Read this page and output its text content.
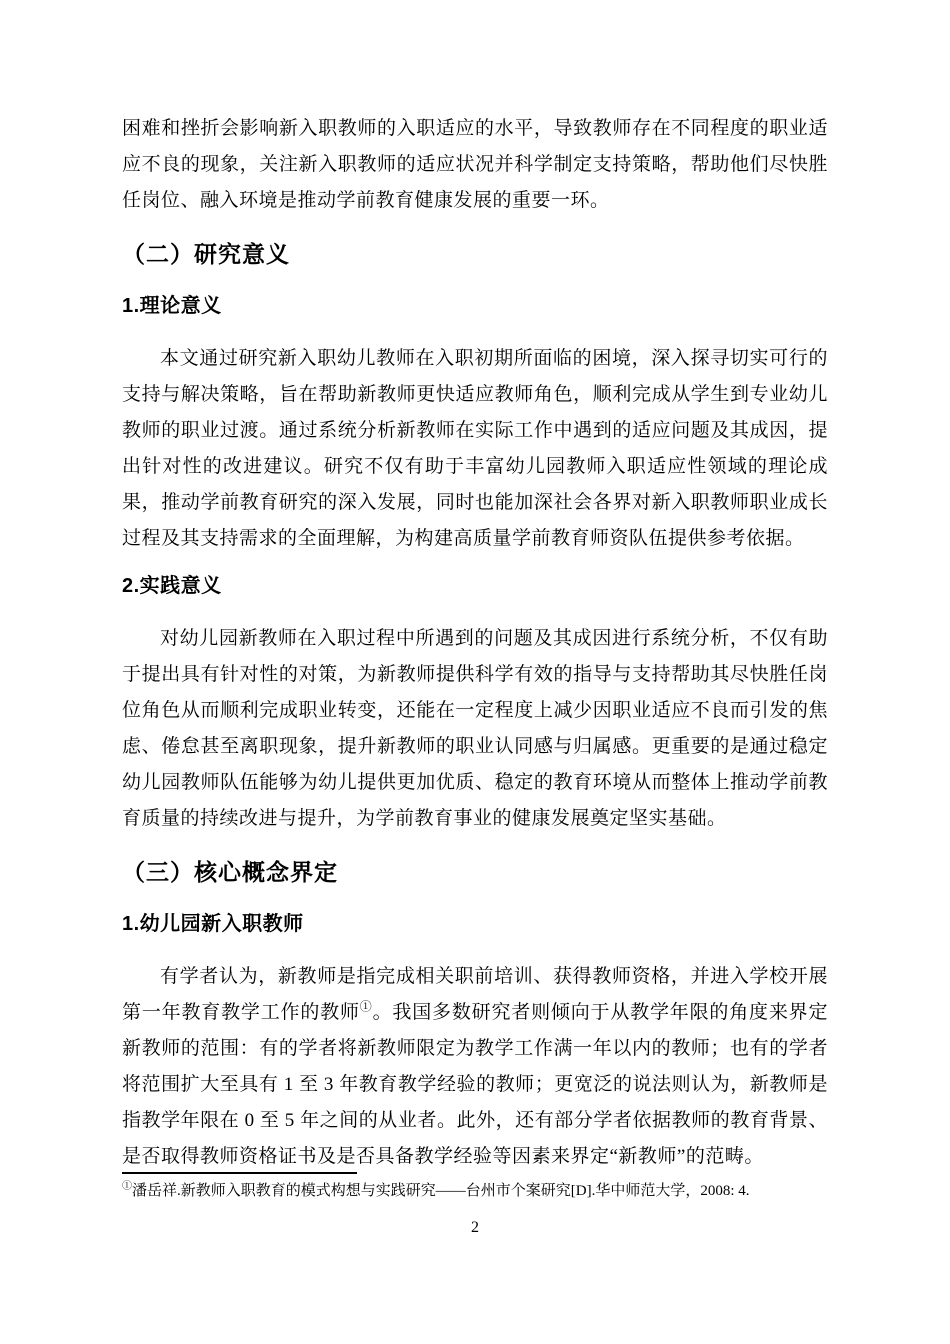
困难和挫折会影响新入职教师的入职适应的水平，导致教师存在不同程度的职业适应不良的现象，关注新入职教师的适应状况并科学制定支持策略，帮助他们尽快胜任岗位、融入环境是推动学前教育健康发展的重要一环。

（二）研究意义
1.理论意义

本文通过研究新入职幼儿教师在入职初期所面临的困境，深入探寻切实可行的支持与解决策略，旨在帮助新教师更快适应教师角色，顺利完成从学生到专业幼儿教师的职业过渡。通过系统分析新教师在实际工作中遇到的适应问题及其成因，提出针对性的改进建议。研究不仅有助于丰富幼儿园教师入职适应性领域的理论成果，推动学前教育研究的深入发展，同时也能加深社会各界对新入职教师职业成长过程及其支持需求的全面理解，为构建高质量学前教育师资队伍提供参考依据。

2.实践意义

对幼儿园新教师在入职过程中所遇到的问题及其成因进行系统分析，不仅有助于提出具有针对性的对策，为新教师提供科学有效的指导与支持帮助其尽快胜任岗位角色从而顺利完成职业转变，还能在一定程度上减少因职业适应不良而引发的焦虑、倦怠甚至离职现象，提升新教师的职业认同感与归属感。更重要的是通过稳定幼儿园教师队伍能够为幼儿提供更加优质、稳定的教育环境从而整体上推动学前教育质量的持续改进与提升，为学前教育事业的健康发展奠定坚实基础。

（三）核心概念界定
1.幼儿园新入职教师

有学者认为，新教师是指完成相关职前培训、获得教师资格，并进入学校开展第一年教育教学工作的教师①。我国多数研究者则倾向于从教学年限的角度来界定新教师的范围：有的学者将新教师限定为教学工作满一年以内的教师；也有的学者将范围扩大至具有 1 至 3 年教育教学经验的教师；更宽泛的说法则认为，新教师是指教学年限在 0 至 5 年之间的从业者。此外，还有部分学者依据教师的教育背景、是否取得教师资格证书及是否具备教学经验等因素来界定“新教师”的范畴。

①潘岳祥.新教师入职教育的模式构想与实践研究——台州市个案研究[D].华中师范大学，2008: 4.

2
